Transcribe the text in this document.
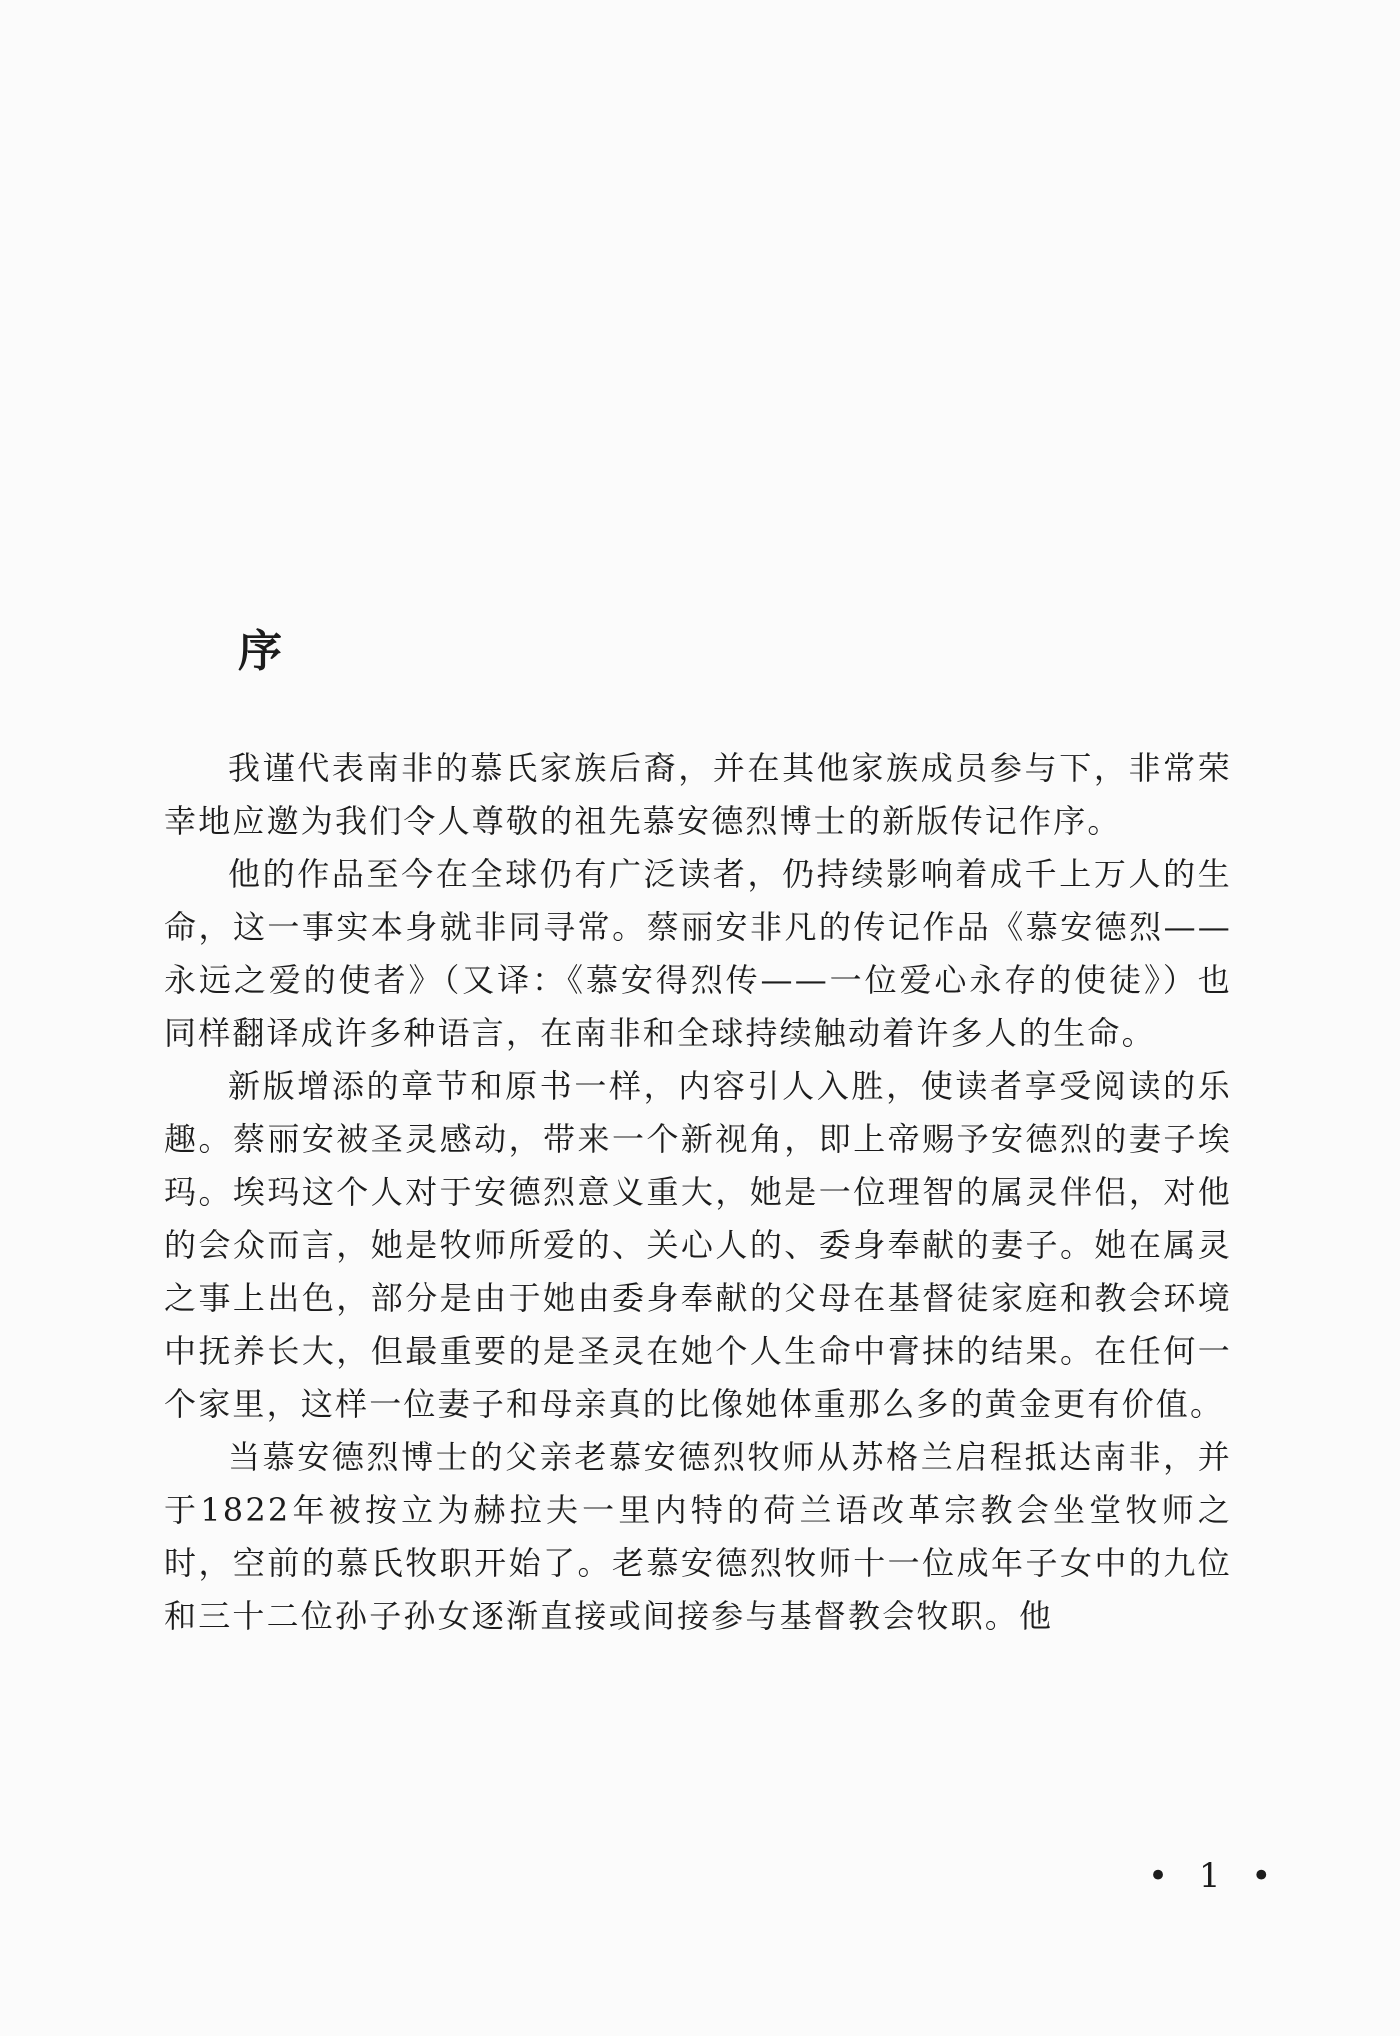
序

我谨代表南非的慕氏家族后裔，并在其他家族成员参与下，非常荣幸地应邀为我们令人尊敬的祖先慕安德烈博士的新版传记作序。

他的作品至今在全球仍有广泛读者，仍持续影响着成千上万人的生命，这一事实本身就非同寻常。蔡丽安非凡的传记作品《慕安德烈——永远之爱的使者》（又译：《慕安得烈传——一位爱心永存的使徒》）也同样翻译成许多种语言，在南非和全球持续触动着许多人的生命。

新版增添的章节和原书一样，内容引人入胜，使读者享受阅读的乐趣。蔡丽安被圣灵感动，带来一个新视角，即上帝赐予安德烈的妻子埃玛。埃玛这个人对于安德烈意义重大，她是一位理智的属灵伴侣，对他的会众而言，她是牧师所爱的、关心人的、委身奉献的妻子。她在属灵之事上出色，部分是由于她由委身奉献的父母在基督徒家庭和教会环境中抚养长大，但最重要的是圣灵在她个人生命中膏抹的结果。在任何一个家里，这样一位妻子和母亲真的比像她体重那么多的黄金更有价值。

当慕安德烈博士的父亲老慕安德烈牧师从苏格兰启程抵达南非，并于1822年被按立为赫拉夫一里内特的荷兰语改革宗教会坐堂牧师之时，空前的慕氏牧职开始了。老慕安德烈牧师十一位成年子女中的九位和三十二位孙子孙女逐渐直接或间接参与基督教会牧职。他

• 1 •
